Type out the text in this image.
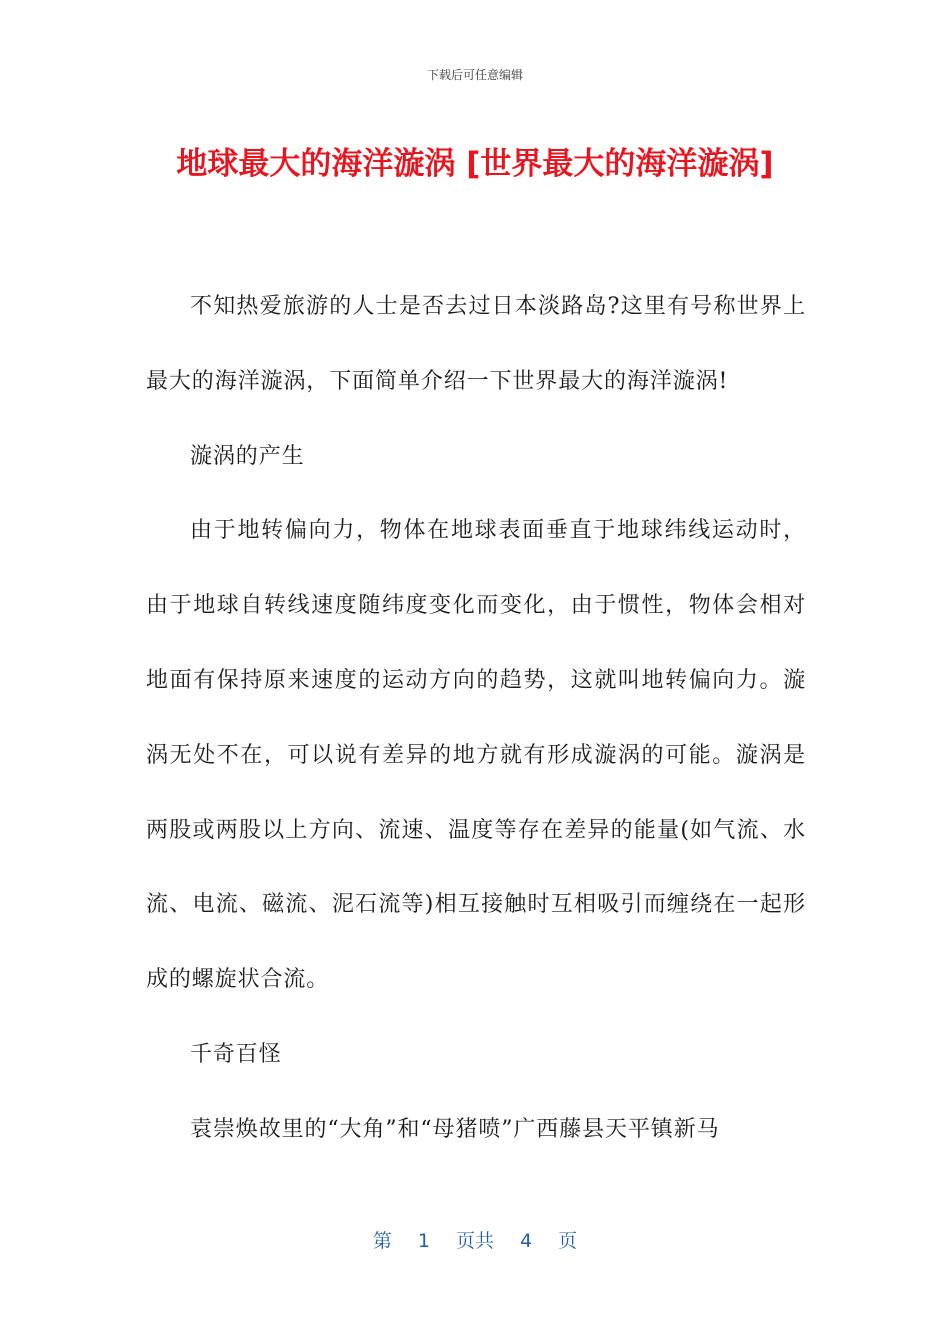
下载后可任意编辑
地球最大的海洋漩涡 [世界最大的海洋漩涡]

不知热爱旅游的人士是否去过日本淡路岛?这里有号称世界上最大的海洋漩涡，下面简单介绍一下世界最大的海洋漩涡!

漩涡的产生

由于地转偏向力，物体在地球表面垂直于地球纬线运动时，由于地球自转线速度随纬度变化而变化，由于惯性，物体会相对地面有保持原来速度的运动方向的趋势，这就叫地转偏向力。漩涡无处不在，可以说有差异的地方就有形成漩涡的可能。漩涡是两股或两股以上方向、流速、温度等存在差异的能量(如气流、水流、电流、磁流、泥石流等)相互接触时互相吸引而缠绕在一起形成的螺旋状合流。

千奇百怪

袁崇焕故里的“大角”和“母猪喷”广西藤县天平镇新马

第 1 页共 4 页
